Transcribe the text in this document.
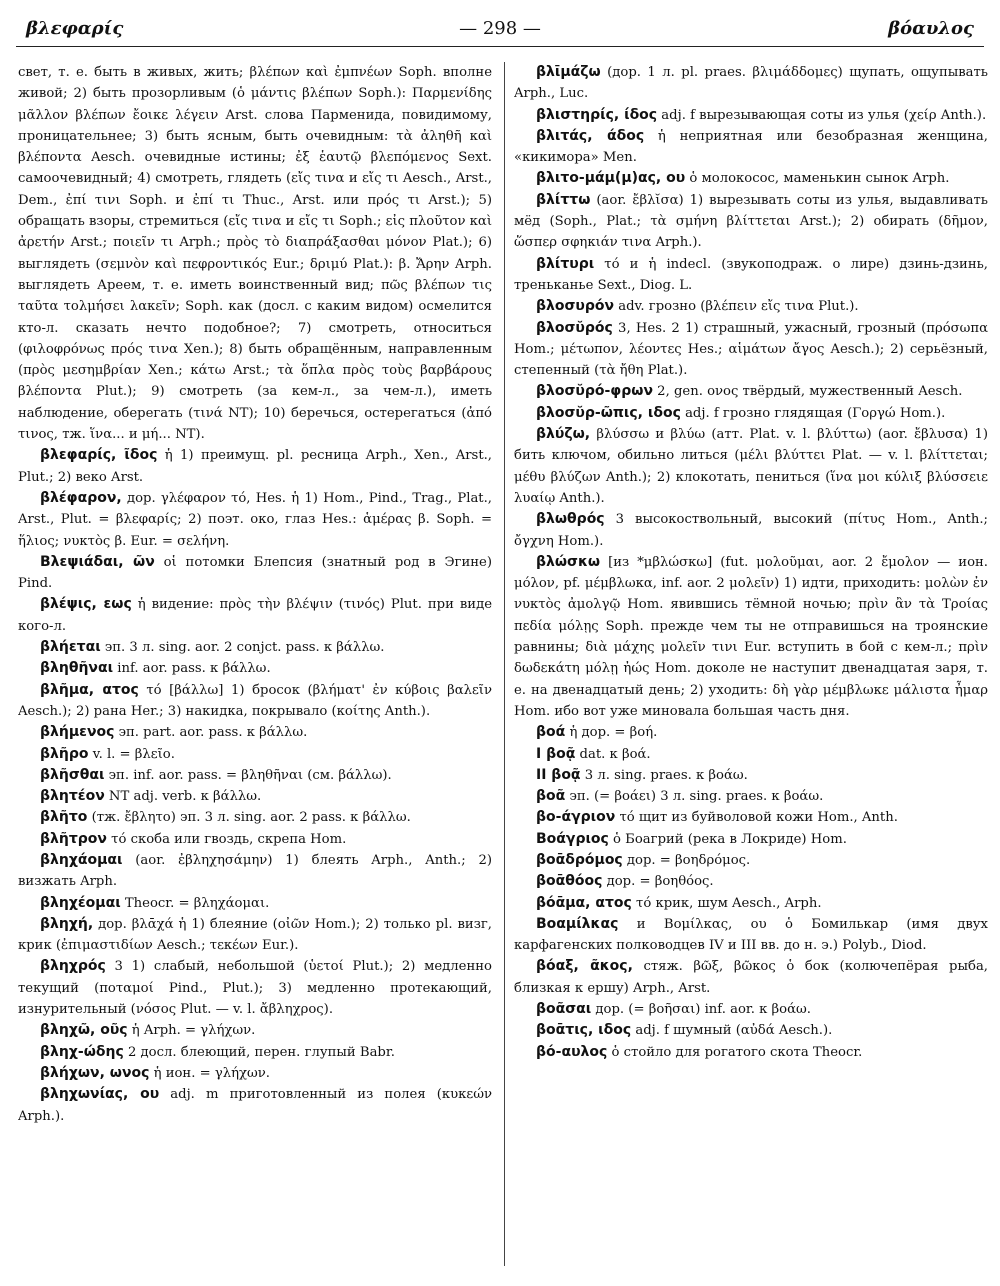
βλεφαρίς	— 298 —	βόαυλος

свет, т. е. быть в живых, жить; βλέπων καὶ ἐμπνέων Soph. вполне живой; 2) быть прозорливым (ὁ μάντις βλέπων Soph.): Παρμενίδης μᾶλλον βλέπων ἔοικε λέγειν Arst. слова Парменида, повидимому, проницательнее; 3) быть ясным, быть очевидным: τὰ ἀληθῆ καὶ βλέποντα Aesch. очевидные истины; ἐξ ἑαυτῷ βλεπόμενος Sext. самоочевидный; 4) смотреть, глядеть (εἴς τινα и εἴς τι Aesch., Arst., Dem., ἐπί τινι Soph. и ἐπί τι Thuc., Arst. или πρός τι Arst.); 5) обращать взоры, стремиться (εἴς τινα и εἴς τι Soph.; εἰς πλοῦτον καὶ ἀρετήν Arst.; ποιεῖν τι Arph.; πρὸς τὸ διαπράξασθαι μόνον Plat.); 6) выглядеть (σεμνὸν καὶ πεφροντικός Eur.; δριμύ Plat.): β. Ἄρην Arph. выглядеть Ареем, т. е. иметь воинственный вид; πῶς βλέπων τις ταῦτα τολμήσει λακεῖν; Soph. как (досл. с каким видом) осмелится кто-л. сказать нечто подобное?; 7) смотреть, относиться (φιλοφρόνως πρός τινα Xen.); 8) быть обращённым, направленным (πρὸς μεσημβρίαν Xen.; κάτω Arst.; τὰ ὅπλα πρὸς τοὺς βαρβάρους βλέποντα Plut.); 9) смотреть (за кем-л., за чем-л.), иметь наблюдение, оберегать (τινά NT); 10) беречься, остерегаться (ἀπό τινος, тж. ἵνα... и μή... NT).

βλεφαρίς, ῖδος ἡ 1) преимущ. pl. ресница Arph., Xen., Arst., Plut.; 2) веко Arst.

βλέφαρον, дор. γλέφαρον τό, Hes. ἡ 1) Hom., Pind., Trag., Plat., Arst., Plut. = βλεφαρίς; 2) поэт. око, глаз Hes.: ἁμέρας β. Soph. = ἥλιος; νυκτὸς β. Eur. = σελήνη.

Βλεψιάδαι, ῶν οἱ потомки Блепсия (знатный род в Эгине) Pind.

βλέψις, εως ἡ видение: πρὸς τὴν βλέψιν (τινός) Plut. при виде кого-л.

βλήεται эп. 3 л. sing. aor. 2 conjct. pass. к βάλλω.

βληθῆναι inf. aor. pass. к βάλλω.

βλῆμα, ατος τό [βάλλω] 1) бросок (βλήματ' ἐν κύβοις βαλεῖν Aesch.); 2) рана Her.; 3) накидка, покрывало (κοίτης Anth.).

βλήμενος эп. part. aor. pass. к βάλλω.

βλῆρο v. l. = βλεῖο.

βλῆσθαι эп. inf. aor. pass. = βληθῆναι (см. βάλλω).

βλητέον NT adj. verb. к βάλλω.

βλῆτο (тж. ἔβλητο) эп. 3 л. sing. aor. 2 pass. к βάλλω.

βλῆτρον τό скоба или гвоздь, скрепа Hom.

βληχάομαι (aor. ἐβληχησάμην) 1) блеять Arph., Anth.; 2) визжать Arph.

βληχέομαι Theocr. = βληχάομαι.

βληχή, дор. βλᾱχά ἡ 1) блеяние (οἰῶν Hom.); 2) только pl. визг, крик (ἐπιμαστιδίων Aesch.; τεκέων Eur.).

βληχρός 3 1) слабый, небольшой (ὑετοί Plut.); 2) медленно текущий (ποταμοί Pind., Plut.); 3) медленно протекающий, изнурительный (νόσος Plut. — v. l. ἄβληχρος).

βληχῶ, οῦς ἡ Arph. = γλήχων.

βληχ-ώδης 2 досл. блеющий, перен. глупый Babr.

βλήχων, ωνος ἡ ион. = γλήχων.

βληχωνίας, ου adj. m приготовленный из полея (κυκεών Arph.).

βλῑμάζω (дор. 1 л. pl. praes. βλιμάδδομες) щупать, ощупывать Arph., Luc.

βλιστηρίς, ίδος adj. f вырезывающая соты из улья (χείρ Anth.).

βλιτάς, άδος ἡ неприятная или безобразная женщина, «кикимора» Men.

βλιτο-μάμ(μ)ας, ου ὁ молокосос, маменькин сынок Arph.

βλίττω (aor. ἔβλῐσα) 1) вырезывать соты из улья, выдавливать мёд (Soph., Plat.; τὰ σμήνη βλίττεται Arst.); 2) обирать (δῆμον, ὥσπερ σφηκιάν τινα Arph.).

βλίτυρι τό и ἡ indecl. (звукоподраж. о лире) дзинь-дзинь, треньканье Sext., Diog. L.

βλοσυρόν adv. грозно (βλέπειν εἴς τινα Plut.).

βλοσῠρός 3, Hes. 2 1) страшный, ужасный, грозный (πρόσωπα Hom.; μέτωπον, λέοντες Hes.; αἱμάτων ἄγος Aesch.); 2) серьёзный, степенный (τὰ ἤθη Plat.).

βλοσῠρό-φρων 2, gen. ονος твёрдый, мужественный Aesch.

βλοσῠρ-ῶπις, ιδος adj. f грозно глядящая (Γοργώ Hom.).

βλύζω, βλύσσω и βλύω (атт. Plat. v. l. βλύττω) (aor. ἔβλυσα) 1) бить ключом, обильно литься (μέλι βλύττει Plat. — v. l. βλίττεται; μέθυ βλύζων Anth.); 2) клокотать, пениться (ἵνα μοι κύλιξ βλύσσειε λυαίῳ Anth.).

βλωθρός 3 высокоствольный, высокий (πίτυς Hom., Anth.; ὄγχνη Hom.).

βλώσκω [из *μβλώσκω] (fut. μολοῦμαι, aor. 2 ἔμολον — ион. μόλον, pf. μέμβλωκα, inf. aor. 2 μολεῖν) 1) идти, приходить: μολὼν ἐν νυκτὸς ἀμολγῷ Hom. явившись тёмной ночью; πρὶν ἂν τὰ Τροίας πεδία μόλῃς Soph. прежде чем ты не отправишься на троянские равнины; διὰ μάχης μολεῖν τινι Eur. вступить в бой с кем-л.; πρὶν δωδεκάτη μόλῃ ἠώς Hom. доколе не наступит двенадцатая заря, т. е. на двенадцатый день; 2) уходить: δὴ γὰρ μέμβλωκε μάλιστα ἦμαρ Hom. ибо вот уже миновала большая часть дня.

βοά ἡ дор. = βοή.

I βοᾷ dat. к βοά.

II βοᾷ 3 л. sing. praes. к βοάω.

βοᾶ эп. (= βοάει) 3 л. sing. praes. к βοάω.

βο-άγριον τό щит из буйволовой кожи Hom., Anth.

Βοάγριος ὁ Боагрий (река в Локриде) Hom.

βοᾱδρόμος дор. = βοηδρόμος.

βοᾱθόος дор. = βοηθόος.

βόᾱμα, ατος τό крик, шум Aesch., Arph.

Βοαμίλκας и Βομίλκας, ου ὁ Бомилькар (имя двух карфагенских полководцев IV и III вв. до н. э.) Polyb., Diod.

βόαξ, ᾶκος, стяж. βῶξ, βῶκος ὁ бок (колючепёрая рыба, близкая к ершу) Arph., Arst.

βοᾶσαι дор. (= βοῆσαι) inf. aor. к βοάω.

βοᾱτις, ιδος adj. f шумный (αὐδά Aesch.).

βό-αυλος ὁ стойло для рогатого скота Theocr.
